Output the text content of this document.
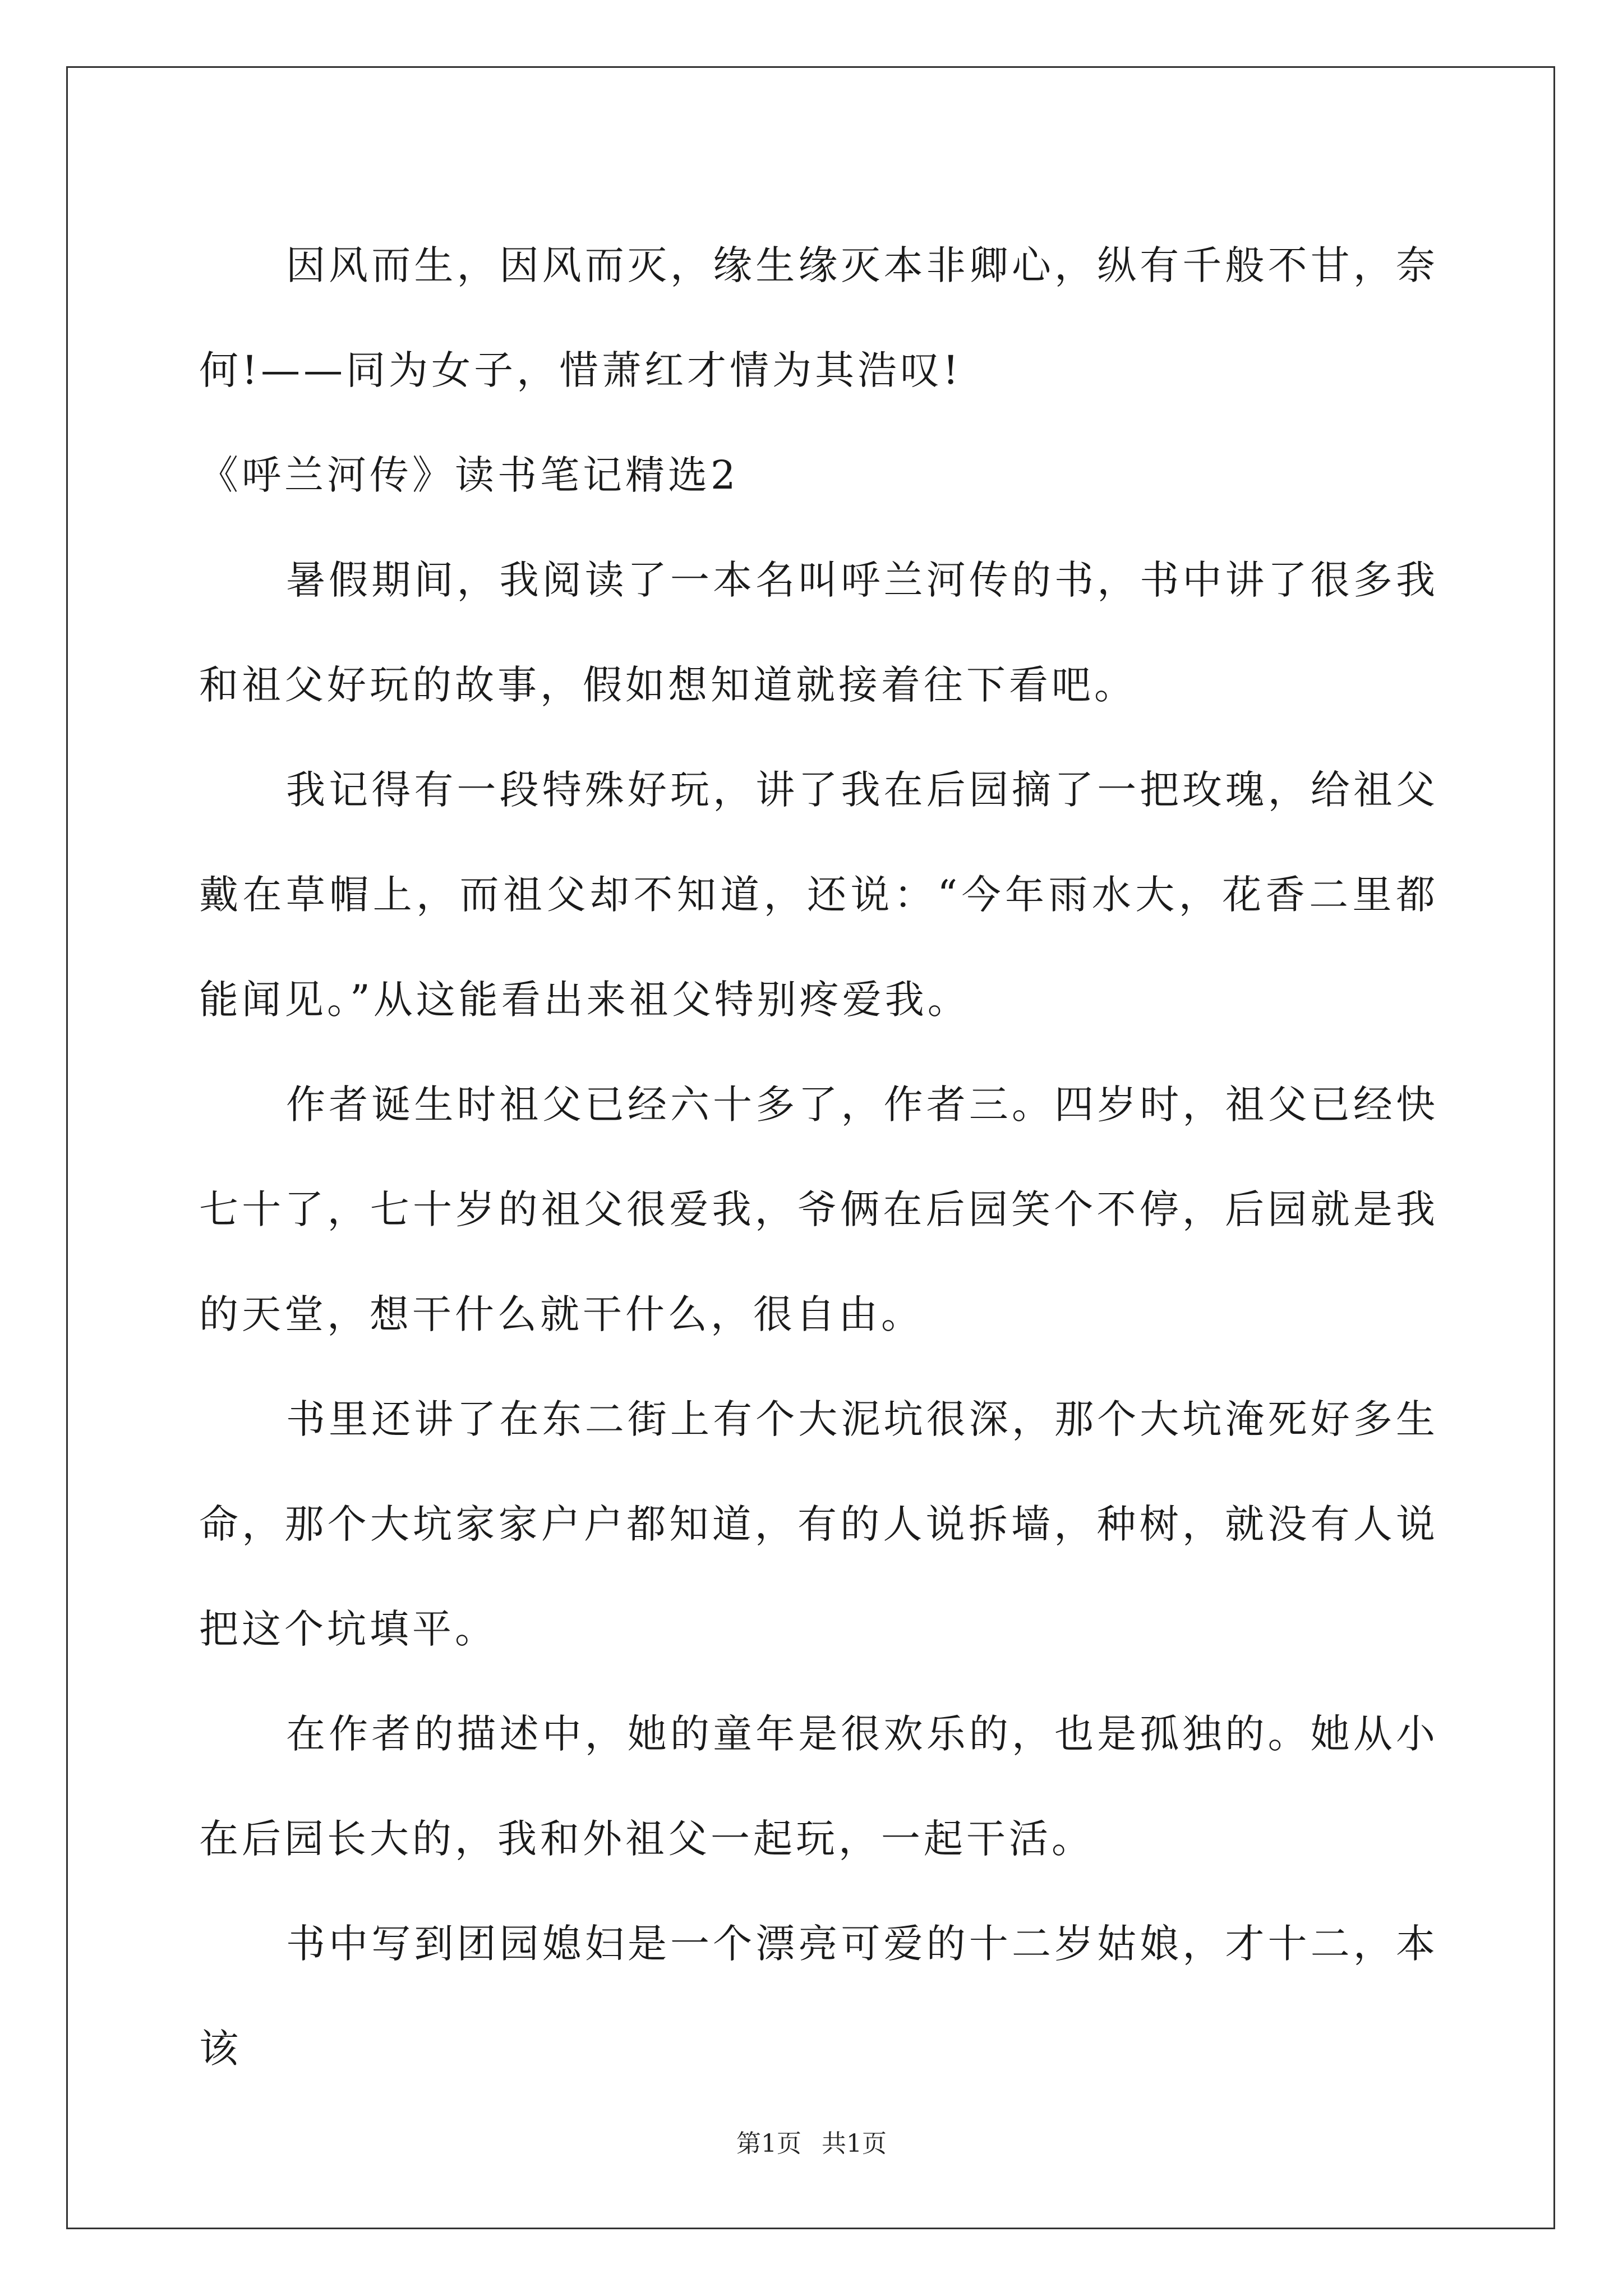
因风而生，因风而灭，缘生缘灭本非卿心，纵有千般不甘，奈何!——同为女子，惜萧红才情为其浩叹!

《呼兰河传》读书笔记精选2

暑假期间，我阅读了一本名叫呼兰河传的书，书中讲了很多我和祖父好玩的故事，假如想知道就接着往下看吧。

我记得有一段特殊好玩，讲了我在后园摘了一把玫瑰，给祖父戴在草帽上，而祖父却不知道，还说：“今年雨水大，花香二里都能闻见。”从这能看出来祖父特别疼爱我。

作者诞生时祖父已经六十多了，作者三。四岁时，祖父已经快七十了，七十岁的祖父很爱我，爷俩在后园笑个不停，后园就是我的天堂，想干什么就干什么，很自由。

书里还讲了在东二街上有个大泥坑很深，那个大坑淹死好多生命，那个大坑家家户户都知道，有的人说拆墙，种树，就没有人说把这个坑填平。

在作者的描述中，她的童年是很欢乐的，也是孤独的。她从小在后园长大的，我和外祖父一起玩，一起干活。

书中写到团园媳妇是一个漂亮可爱的十二岁姑娘，才十二，本该

第1页 共1页
